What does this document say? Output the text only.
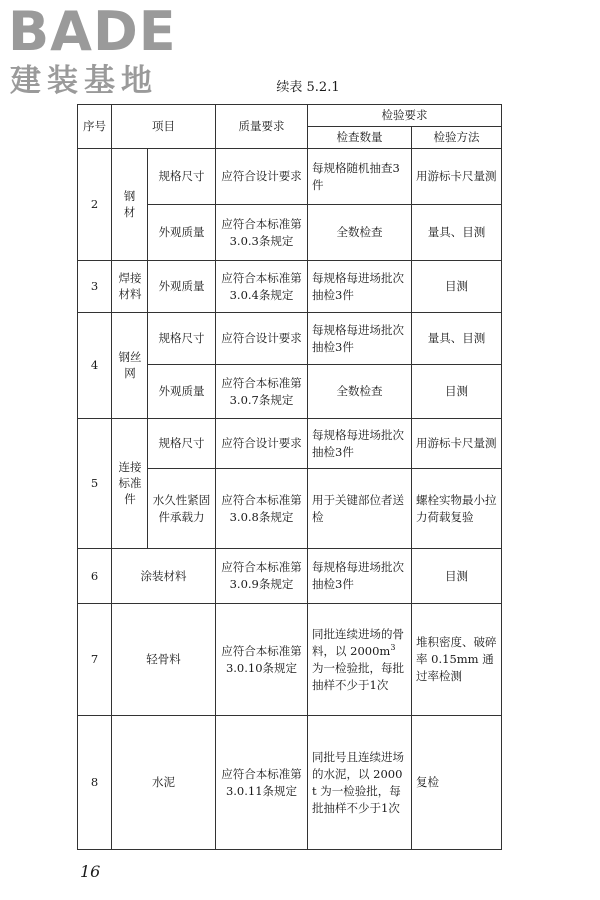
BADE
建装基地	续表 5.2.1
序号	项目		质量要求	检验要求	
				检查数量	检验方法
2	钢材	规格尺寸	应符合设计要求	每规格随机抽查3件	用游标卡尺量测
		外观质量	应符合本标准第3.0.3条规定	全数检查	量具、目测
3	焊接材料	外观质量	应符合本标准第3.0.4条规定	每规格每进场批次抽检3件	目测
4	钢丝网	规格尺寸	应符合设计要求	每规格每进场批次抽检3件	量具、目测
		外观质量	应符合本标准第3.0.7条规定	全数检查	目测
5	连接标准件	规格尺寸	应符合设计要求	每规格每进场批次抽检3件	用游标卡尺量测
		水久性紧固件承载力	应符合本标准第3.0.8条规定	用于关键部位者送检	螺栓实物最小拉力荷载复验
6	涂装材料		应符合本标准第3.0.9条规定	每规格每进场批次抽检3件	目测
7	轻骨料		应符合本标准第3.0.10条规定	同批连续进场的骨料，以 $2000m^3$ 为一检验批，每批抽样不少于1次	堆积密度、破碎率 0.15mm 通过率检测
8	水泥		应符合本标准第3.0.11条规定	同批号且连续进场的水泥，以 2000t 为一检验批，每批抽样不少于1次	复检
16
